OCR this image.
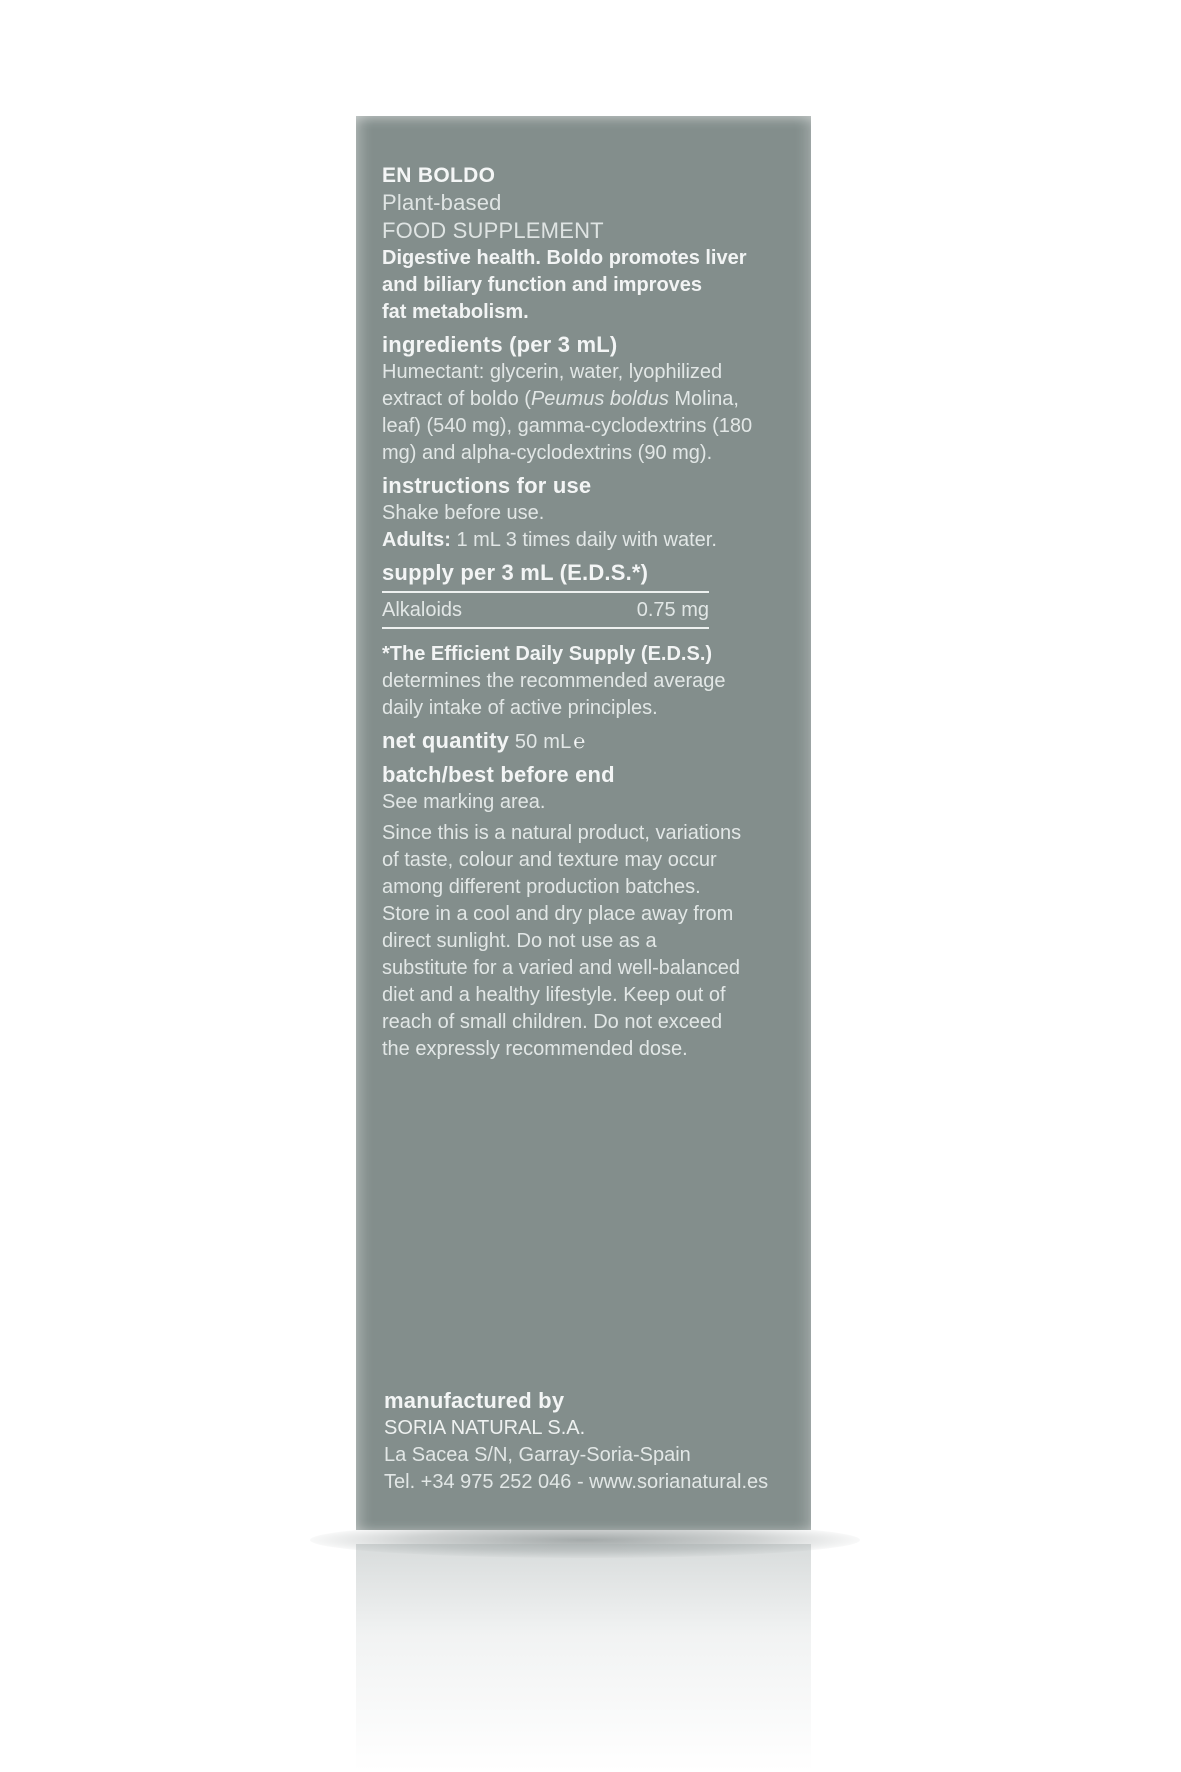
EN BOLDO
Plant-based
FOOD SUPPLEMENT
Digestive health. Boldo promotes liver
and biliary function and improves
fat metabolism.
ingredients (per 3 mL)
Humectant: glycerin, water, lyophilized
extract of boldo (Peumus boldus Molina,
leaf) (540 mg), gamma-cyclodextrins (180
mg) and alpha-cyclodextrins (90 mg).
instructions for use
Shake before use.
Adults: 1 mL 3 times daily with water.
supply per 3 mL (E.D.S.*)
Alkaloids	0.75 mg
*The Efficient Daily Supply (E.D.S.)
determines the recommended average
daily intake of active principles.
net quantity 50 mL ℮
batch/best before end
See marking area.
Since this is a natural product, variations
of taste, colour and texture may occur
among different production batches.
Store in a cool and dry place away from
direct sunlight. Do not use as a
substitute for a varied and well-balanced
diet and a healthy lifestyle. Keep out of
reach of small children. Do not exceed
the expressly recommended dose.
manufactured by
SORIA NATURAL S.A.
La Sacea S/N, Garray-Soria-Spain
Tel. +34 975 252 046 - www.sorianatural.es
